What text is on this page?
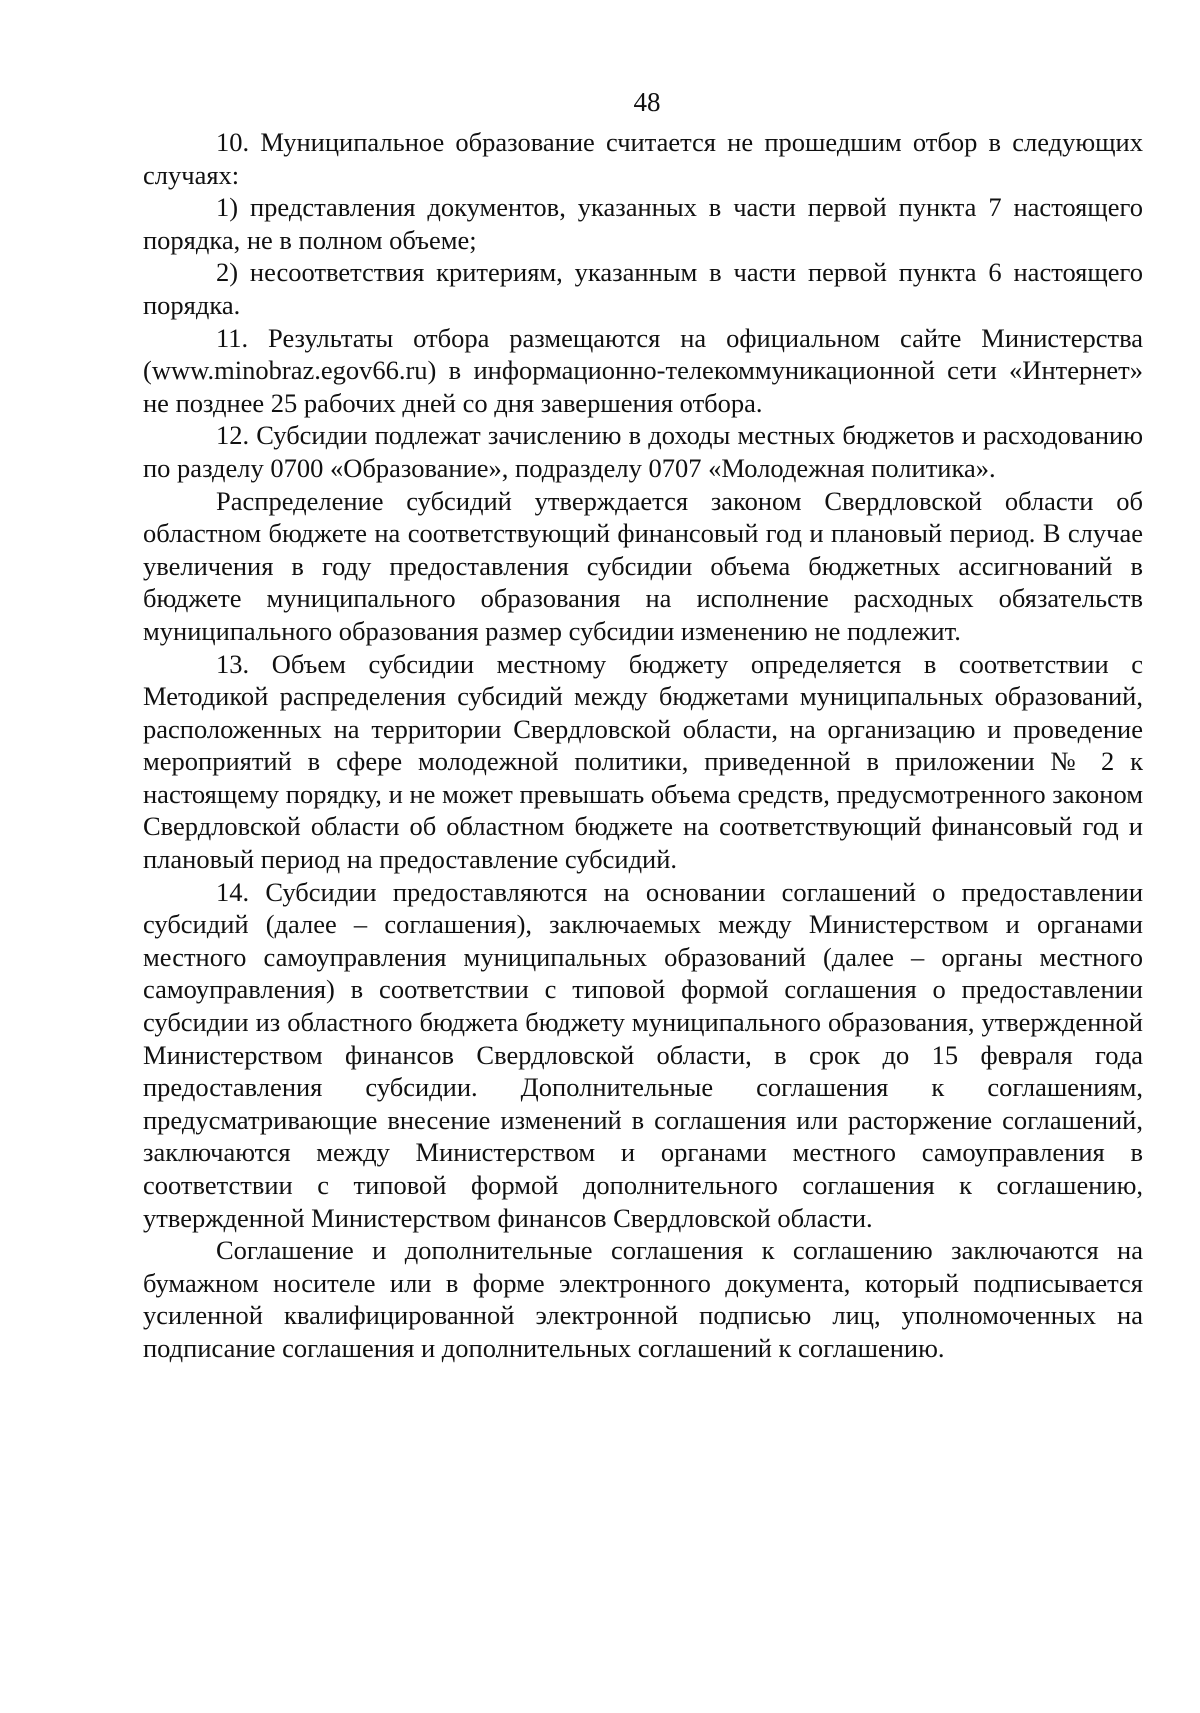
48

10. Муниципальное образование считается не прошедшим отбор в следующих случаях:

1) представления документов, указанных в части первой пункта 7 настоящего порядка, не в полном объеме;

2) несоответствия критериям, указанным в части первой пункта 6 настоящего порядка.

11. Результаты отбора размещаются на официальном сайте Министерства (www.minobraz.egov66.ru) в информационно-телекоммуникационной сети «Интернет» не позднее 25 рабочих дней со дня завершения отбора.

12. Субсидии подлежат зачислению в доходы местных бюджетов и расходованию по разделу 0700 «Образование», подразделу 0707 «Молодежная политика».

Распределение субсидий утверждается законом Свердловской области об областном бюджете на соответствующий финансовый год и плановый период. В случае увеличения в году предоставления субсидии объема бюджетных ассигнований в бюджете муниципального образования на исполнение расходных обязательств муниципального образования размер субсидии изменению не подлежит.

13. Объем субсидии местному бюджету определяется в соответствии с Методикой распределения субсидий между бюджетами муниципальных образований, расположенных на территории Свердловской области, на организацию и проведение мероприятий в сфере молодежной политики, приведенной в приложении № 2 к настоящему порядку, и не может превышать объема средств, предусмотренного законом Свердловской области об областном бюджете на соответствующий финансовый год и плановый период на предоставление субсидий.

14. Субсидии предоставляются на основании соглашений о предоставлении субсидий (далее – соглашения), заключаемых между Министерством и органами местного самоуправления муниципальных образований (далее – органы местного самоуправления) в соответствии с типовой формой соглашения о предоставлении субсидии из областного бюджета бюджету муниципального образования, утвержденной Министерством финансов Свердловской области, в срок до 15 февраля года предоставления субсидии. Дополнительные соглашения к соглашениям, предусматривающие внесение изменений в соглашения или расторжение соглашений, заключаются между Министерством и органами местного самоуправления в соответствии с типовой формой дополнительного соглашения к соглашению, утвержденной Министерством финансов Свердловской области.

Соглашение и дополнительные соглашения к соглашению заключаются на бумажном носителе или в форме электронного документа, который подписывается усиленной квалифицированной электронной подписью лиц, уполномоченных на подписание соглашения и дополнительных соглашений к соглашению.
